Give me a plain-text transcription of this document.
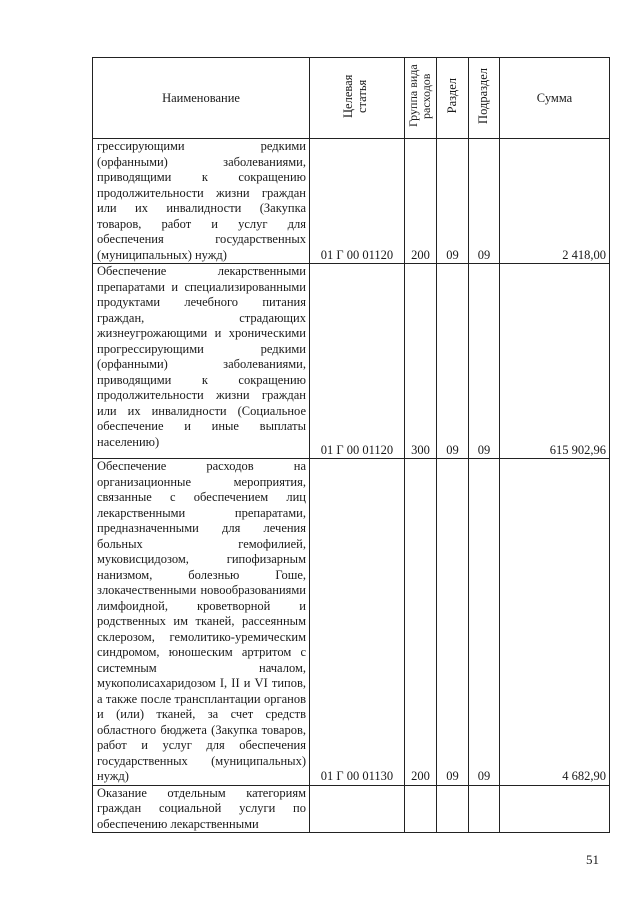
Наименование	Целевая статья	Группа вида расходов	Раздел	Подраздел	Сумма
грессирующими редкими (орфанными) заболеваниями, приводящими к сокращению продолжительности жизни граждан или их инвалидности (Закупка товаров, работ и услуг для обеспечения государственных (муниципальных) нужд)	01 Г 00 01120	200	09	09	2 418,00
Обеспечение лекарственными препаратами и специализированными продуктами лечебного питания граждан, страдающих жизнеугрожающими и хроническими прогрессирующими редкими (орфанными) заболеваниями, приводящими к сокращению продолжительности жизни граждан или их инвалидности (Социальное обеспечение и иные выплаты населению)	01 Г 00 01120	300	09	09	615 902,96
Обеспечение расходов на организационные мероприятия, связанные с обеспечением лиц лекарственными препаратами, предназначенными для лечения больных гемофилией, муковисцидозом, гипофизарным нанизмом, болезнью Гоше, злокачественными новообразованиями лимфоидной, кроветворной и родственных им тканей, рассеянным склерозом, гемолитико-уремическим синдромом, юношеским артритом с системным началом, мукополисахаридозом I, II и VI типов, а также после трансплантации органов и (или) тканей, за счет средств областного бюджета (Закупка товаров, работ и услуг для обеспечения государственных (муниципальных) нужд)	01 Г 00 01130	200	09	09	4 682,90
Оказание отдельным категориям граждан социальной услуги по обеспечению лекарственными					
51
